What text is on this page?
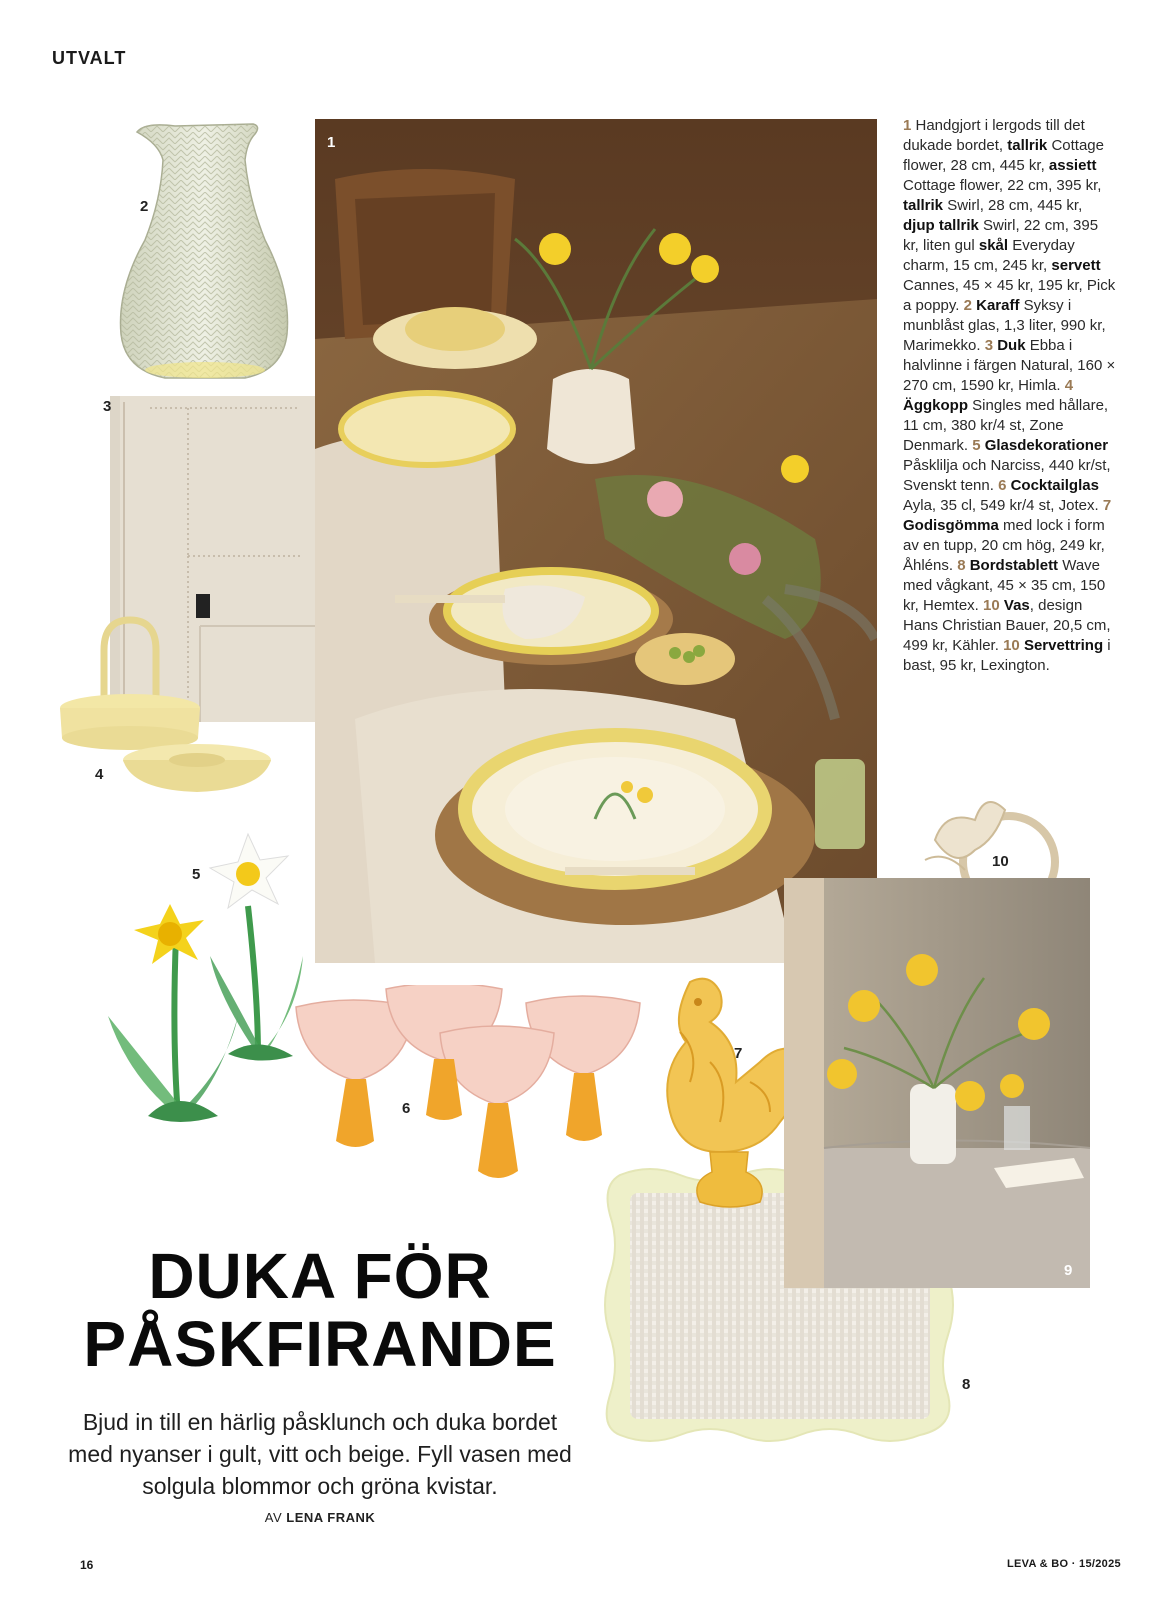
UTVALT
2
3
4
5
6
8
7
1
1 Handgjort i lergods till det dukade bordet, tallrik Cottage flower, 28 cm, 445 kr, assiett Cottage flower, 22 cm, 395 kr, tallrik Swirl, 28 cm, 445 kr, djup tallrik Swirl, 22 cm, 395 kr, liten gul skål Everyday charm, 15 cm, 245 kr, servett Cannes, 45 × 45 kr, 195 kr, Pick a poppy. 2 Karaff Syksy i munblåst glas, 1,3 liter, 990 kr, Marimekko. 3 Duk Ebba i halvlinne i färgen Natural, 160 × 270 cm, 1590 kr, Himla. 4 Äggkopp Singles med hållare, 11 cm, 380 kr/4 st, Zone Denmark. 5 Glasdekorationer Påsklilja och Narciss, 440 kr/st, Svenskt tenn. 6 Cocktailglas Ayla, 35 cl, 549 kr/4 st, Jotex. 7 Godisgömma med lock i form av en tupp, 20 cm hög, 249 kr, Åhléns. 8 Bordstablett Wave med vågkant, 45 × 35 cm, 150 kr, Hemtex. 10 Vas, design Hans Christian Bauer, 20,5 cm, 499 kr, Kähler. 10 Servettring i bast, 95 kr, Lexington.
10
9
DUKA FÖR
PÅSKFIRANDE
Bjud in till en härlig påsklunch och duka bordet med nyanser i gult, vitt och beige. Fyll vasen med solgula blommor och gröna kvistar.
AV LENA FRANK
16	LEVA & BO · 15/2025
